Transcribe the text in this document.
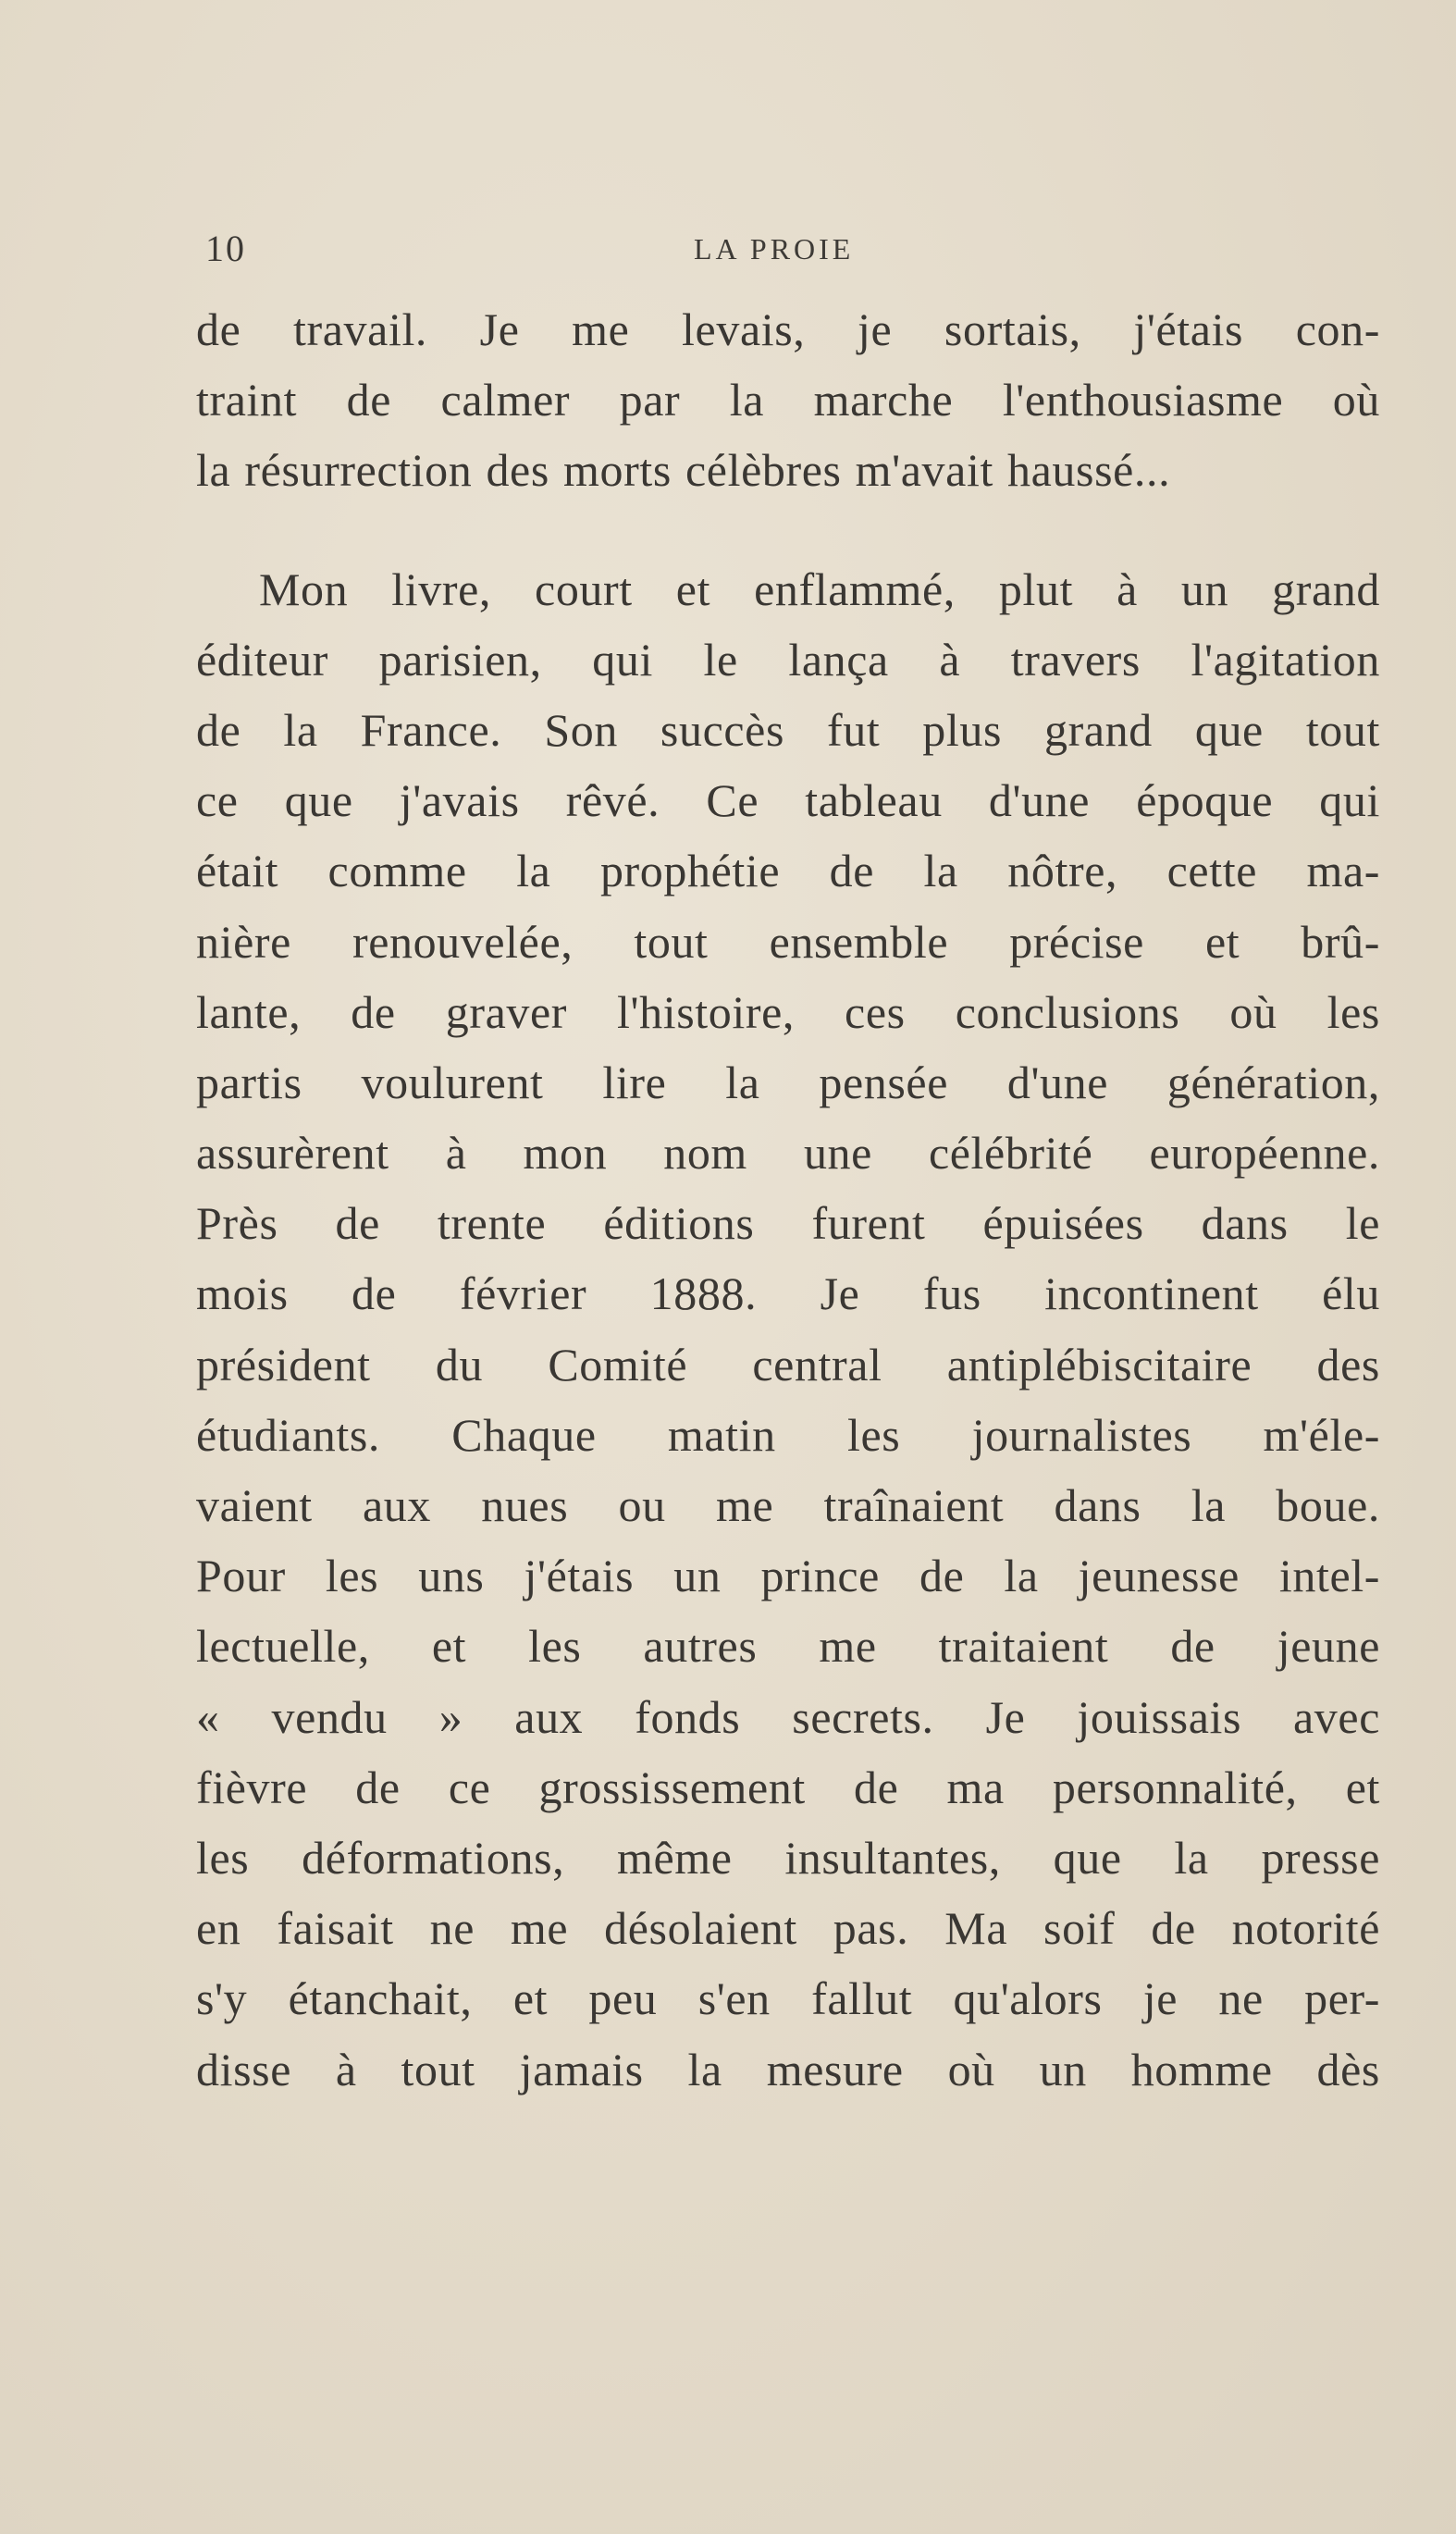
10	LA PROIE
de travail. Je me levais, je sortais, j'étais con-
traint de calmer par la marche l'enthousiasme où
la résurrection des morts célèbres m'avait haussé...
Mon livre, court et enflammé, plut à un grand
éditeur parisien, qui le lança à travers l'agitation
de la France. Son succès fut plus grand que tout
ce que j'avais rêvé. Ce tableau d'une époque qui
était comme la prophétie de la nôtre, cette ma-
nière renouvelée, tout ensemble précise et brû-
lante, de graver l'histoire, ces conclusions où les
partis voulurent lire la pensée d'une génération,
assurèrent à mon nom une célébrité européenne.
Près de trente éditions furent épuisées dans le
mois de février 1888. Je fus incontinent élu
président du Comité central antiplébiscitaire des
étudiants. Chaque matin les journalistes m'éle-
vaient aux nues ou me traînaient dans la boue.
Pour les uns j'étais un prince de la jeunesse intel-
lectuelle, et les autres me traitaient de jeune
« vendu » aux fonds secrets. Je jouissais avec
fièvre de ce grossissement de ma personnalité, et
les déformations, même insultantes, que la presse
en faisait ne me désolaient pas. Ma soif de notorité
s'y étanchait, et peu s'en fallut qu'alors je ne per-
disse à tout jamais la mesure où un homme dès
